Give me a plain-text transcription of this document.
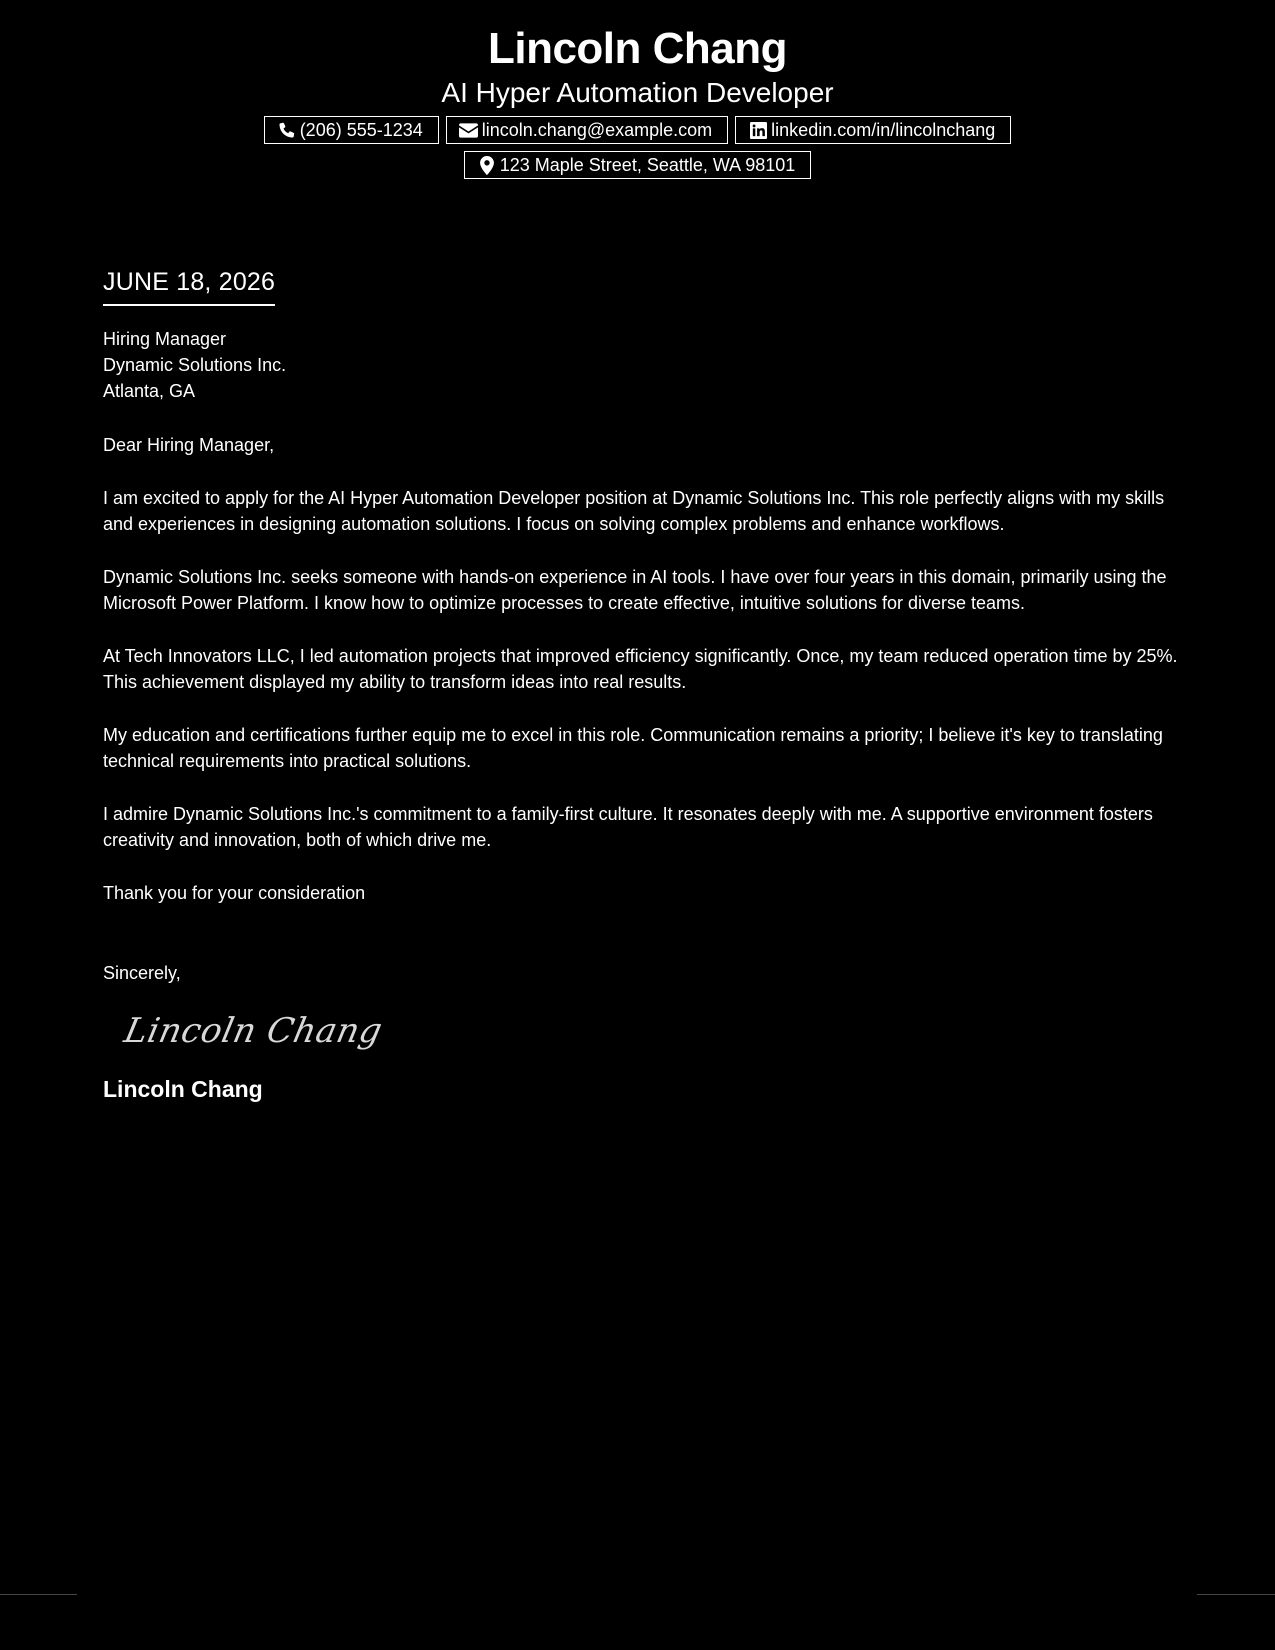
Lincoln Chang
AI Hyper Automation Developer
(206) 555-1234	lincoln.chang@example.com	linkedin.com/in/lincolnchang
123 Maple Street, Seattle, WA 98101
JUNE 18, 2026
Hiring Manager
Dynamic Solutions Inc.
Atlanta, GA
Dear Hiring Manager,

I am excited to apply for the AI Hyper Automation Developer position at Dynamic Solutions Inc. This role perfectly aligns with my skills and experiences in designing automation solutions. I focus on solving complex problems and enhance workflows.

Dynamic Solutions Inc. seeks someone with hands-on experience in AI tools. I have over four years in this domain, primarily using the Microsoft Power Platform. I know how to optimize processes to create effective, intuitive solutions for diverse teams.

At Tech Innovators LLC, I led automation projects that improved efficiency significantly. Once, my team reduced operation time by 25%. This achievement displayed my ability to transform ideas into real results.

My education and certifications further equip me to excel in this role. Communication remains a priority; I believe it's key to translating technical requirements into practical solutions.

I admire Dynamic Solutions Inc.'s commitment to a family-first culture. It resonates deeply with me. A supportive environment fosters creativity and innovation, both of which drive me.

Thank you for your consideration
Sincerely,
Lincoln Chang
Lincoln Chang
